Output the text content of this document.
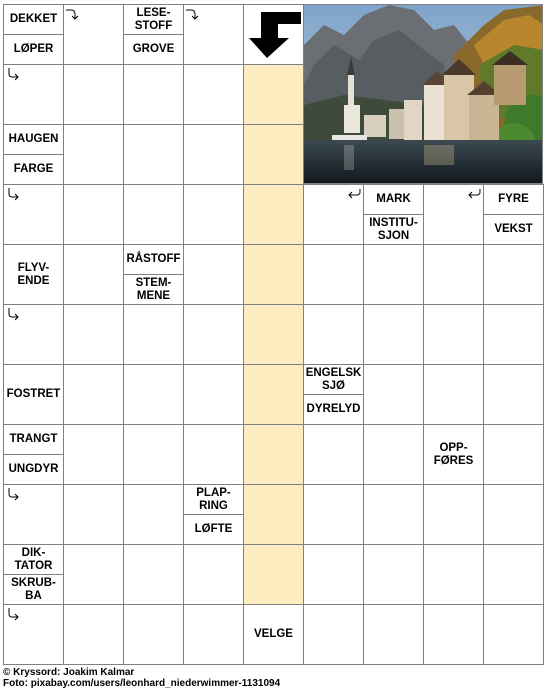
DEKKET
LØPER
LESE-
STOFF
GROVE
HAUGEN
FARGE
MARK
INSTITU-
SJON
FYRE
VEKST
FLYV-
ENDE
RÅSTOFF
STEM-
MENE
FOSTRET
ENGELSK
SJØ
DYRELYD
TRANGT
UNGDYR
OPP-
FØRES
PLAP-
RING
LØFTE
DIK-
TATOR
SKRUB-
BA
VELGE
© Kryssord: Joakim Kalmar
Foto: pixabay.com/users/leonhard_niederwimmer-1131094
